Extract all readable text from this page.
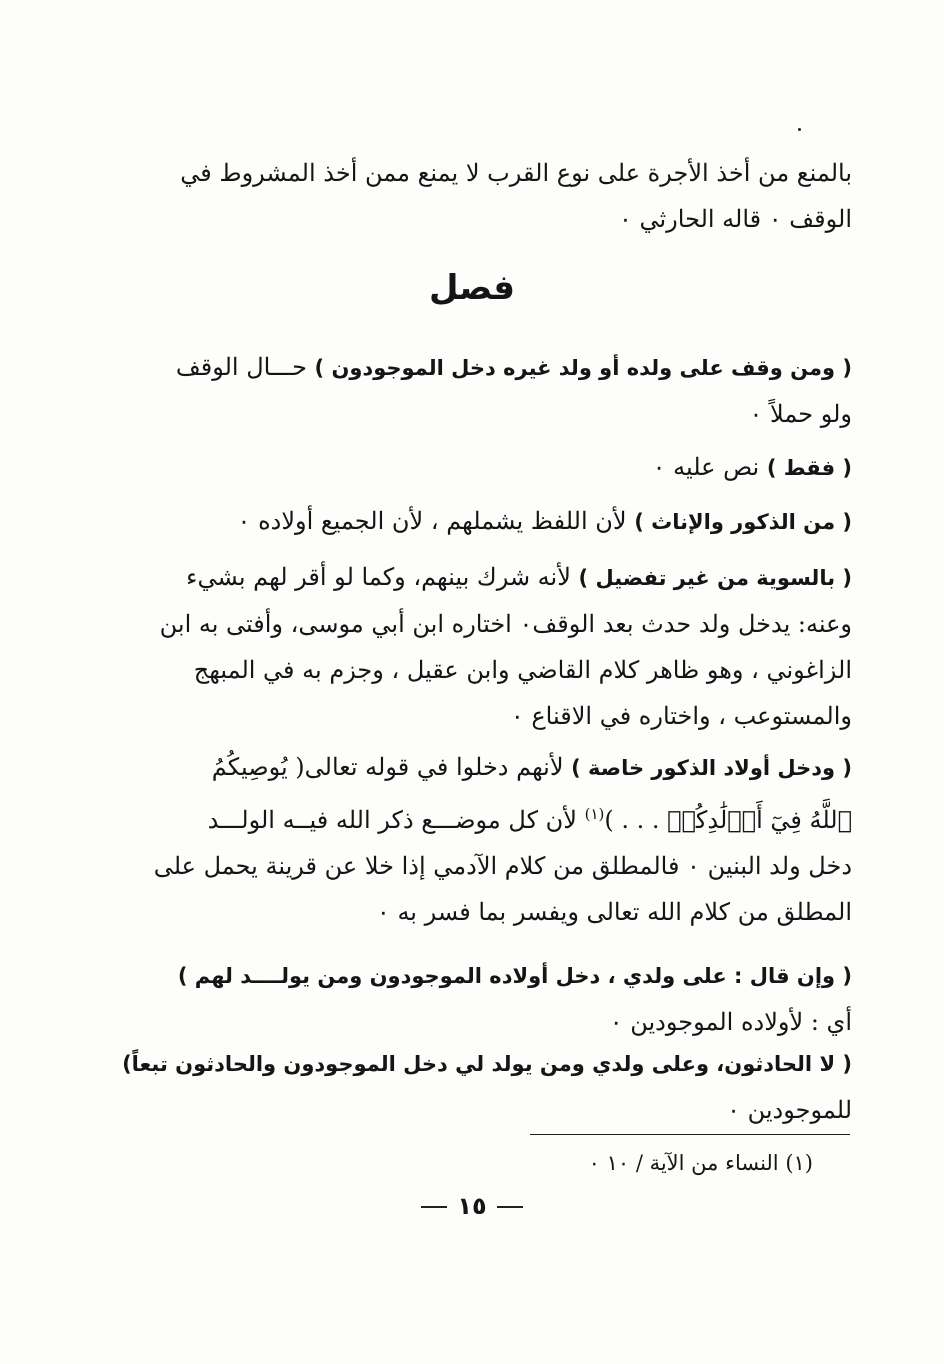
فصل
بالمنع من أخذ الأجرة على نوع القرب لا يمنع ممن أخذ المشروط في
الوقف ٠ قاله الحارثي ٠
( ومن وقف على ولده أو ولد غيره دخل الموجودون ) حـــال الوقف
ولو حملاً ٠
( فقط ) نص عليه ٠
( من الذكور والإناث ) لأن اللفظ يشملهم ، لأن الجميع أولاده ٠
( بالسوية من غير تفضيل ) لأنه شرك بينهم، وكما لو أقر لهم بشيء
وعنه: يدخل ولد حدث بعد الوقف٠ اختاره ابن أبي موسى، وأفتى به ابن
الزاغوني ، وهو ظاهر كلام القاضي وابن عقيل ، وجزم به في المبهج
والمستوعب ، واختاره في الاقناع ٠
( ودخل أولاد الذكور خاصة ) لأنهم دخلوا في قوله تعالى( يُوصِيكُمُ
ٱللَّهُ فِيٓ أَوۡلَٰدِكُمۡ . . . )$^{(١)}$ لأن كل موضـــع ذكر الله فيــه الولـــد
دخل ولد البنين ٠ فالمطلق من كلام الآدمي إذا خلا عن قرينة يحمل على
المطلق من كلام الله تعالى ويفسر بما فسر به ٠
( وإن قال : على ولدي ، دخل أولاده الموجودون ومن يولــــد لهم )
أي : لأولاده الموجودين ٠
( لا الحادثون، وعلى ولدي ومن يولد لي دخل الموجودون والحادثون تبعاً)
للموجودين ٠
(١) النساء من الآية / ١٠ ٠
١٥
